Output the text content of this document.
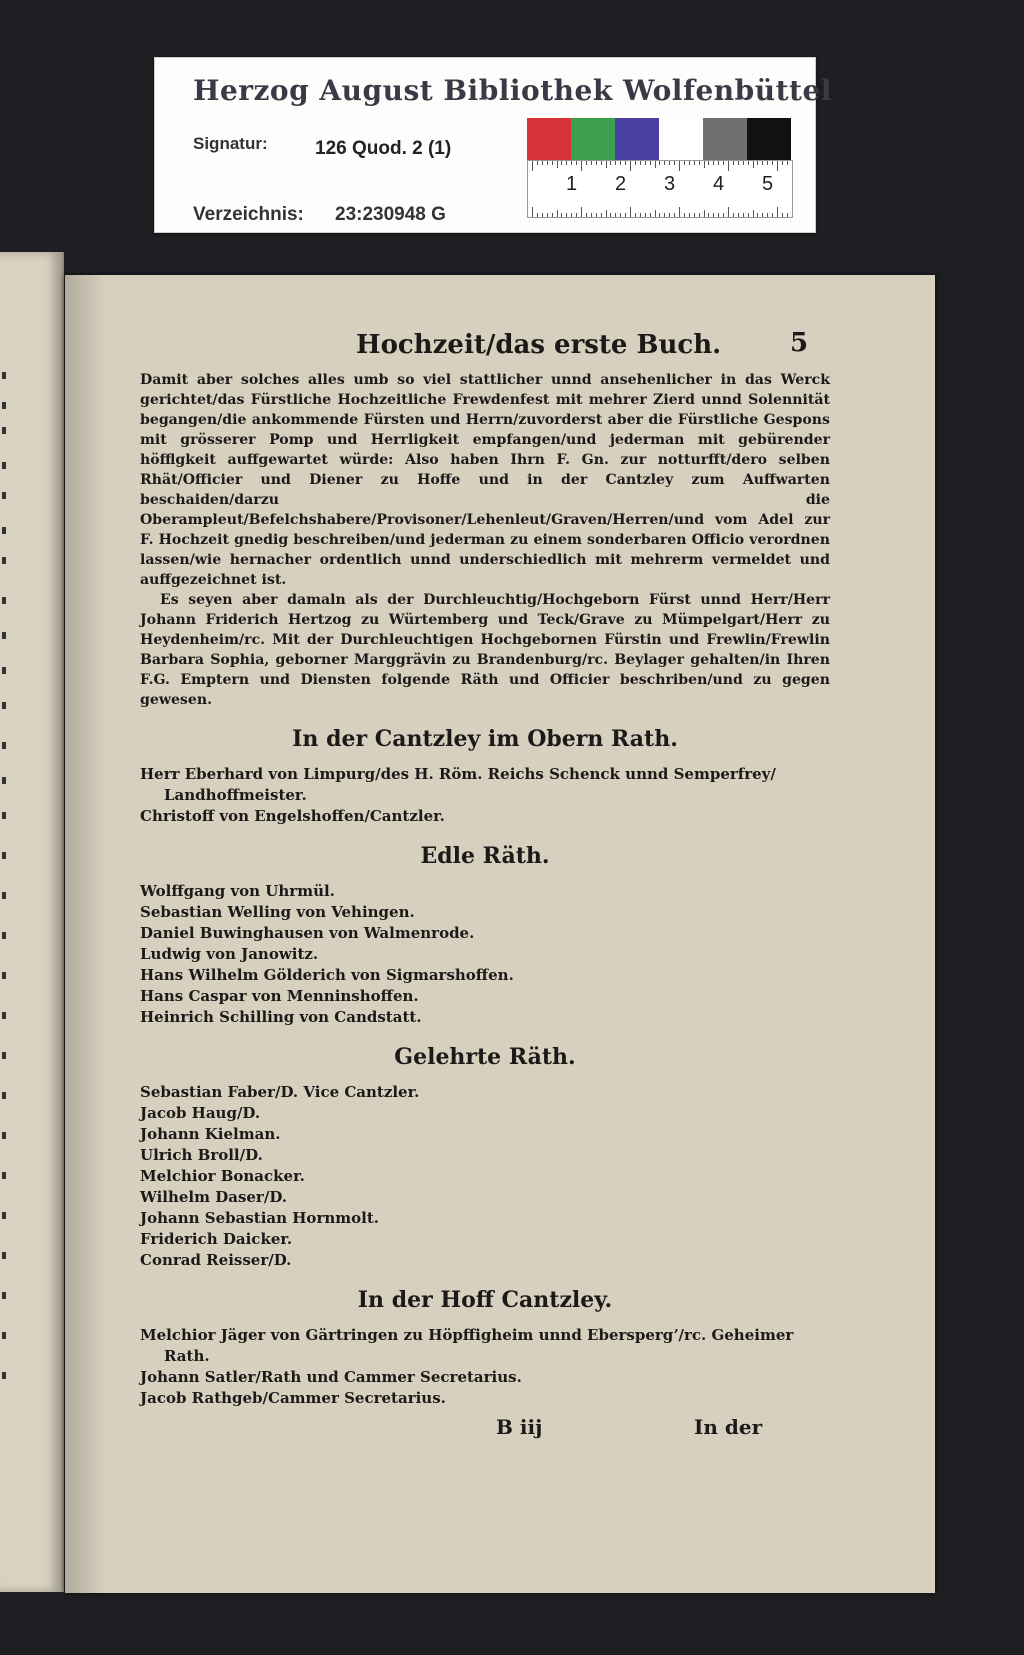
Herzog August Bibliothek Wolfenbüttel
Signatur: 126 Quod. 2 (1)
Verzeichnis: 23:230948 G
1 2 3 4 5
Hochzeit/das erste Buch.	5

Damit aber solches alles umb so viel stattlicher unnd ansehenlicher in das Werck gerichtet/das Fürstliche Hochzeitliche Frewdenfest mit mehrer Zierd unnd Solennität begangen/die ankommende Fürsten und Herrn/zuvorderst aber die Fürstliche Gespons mit grösserer Pomp und Herrligkeit empfangen/und jederman mit gebürender höfflgkeit auffgewartet würde: Also haben Ihrn F. Gn. zur notturfft/dero selben Rhät/Officier und Diener zu Hoffe und in der Cantzley zum Auffwarten beschaiden/darzu die Oberampleut/Befelchshabere/Provisoner/Lehenleut/Graven/Herren/und vom Adel zur F. Hochzeit gnedig beschreiben/und jederman zu einem sonderbaren Officio verordnen lassen/wie hernacher ordentlich unnd underschiedlich mit mehrerm vermeldet und auffgezeichnet ist.

Es seyen aber damaln als der Durchleuchtig/Hochgeborn Fürst unnd Herr/Herr Johann Friderich Hertzog zu Würtemberg und Teck/Grave zu Mümpelgart/Herr zu Heydenheim/rc. Mit der Durchleuchtigen Hochgebornen Fürstin und Frewlin/Frewlin Barbara Sophia, geborner Marggrävin zu Brandenburg/rc. Beylager gehalten/in Ihren F.G. Emptern und Diensten folgende Räth und Officier beschriben/und zu gegen gewesen.

In der Cantzley im Obern Rath.
Herr Eberhard von Limpurg/des H. Röm. Reichs Schenck unnd Semperfrey/
Landhoffmeister.
Christoff von Engelshoffen/Cantzler.
Edle Räth.
Wolffgang von Uhrmül.
Sebastian Welling von Vehingen.
Daniel Buwinghausen von Walmenrode.
Ludwig von Janowitz.
Hans Wilhelm Gölderich von Sigmarshoffen.
Hans Caspar von Menninshoffen.
Heinrich Schilling von Candstatt.
Gelehrte Räth.
Sebastian Faber/D. Vice Cantzler.
Jacob Haug/D.
Johann Kielman.
Ulrich Broll/D.
Melchior Bonacker.
Wilhelm Daser/D.
Johann Sebastian Hornmolt.
Friderich Daicker.
Conrad Reisser/D.
In der Hoff Cantzley.
Melchior Jäger von Gärtringen zu Höpffigheim unnd Eberspergʼ/rc. Geheimer
Rath.
Johann Satler/Rath und Cammer Secretarius.
Jacob Rathgeb/Cammer Secretarius.
B iij	In der
